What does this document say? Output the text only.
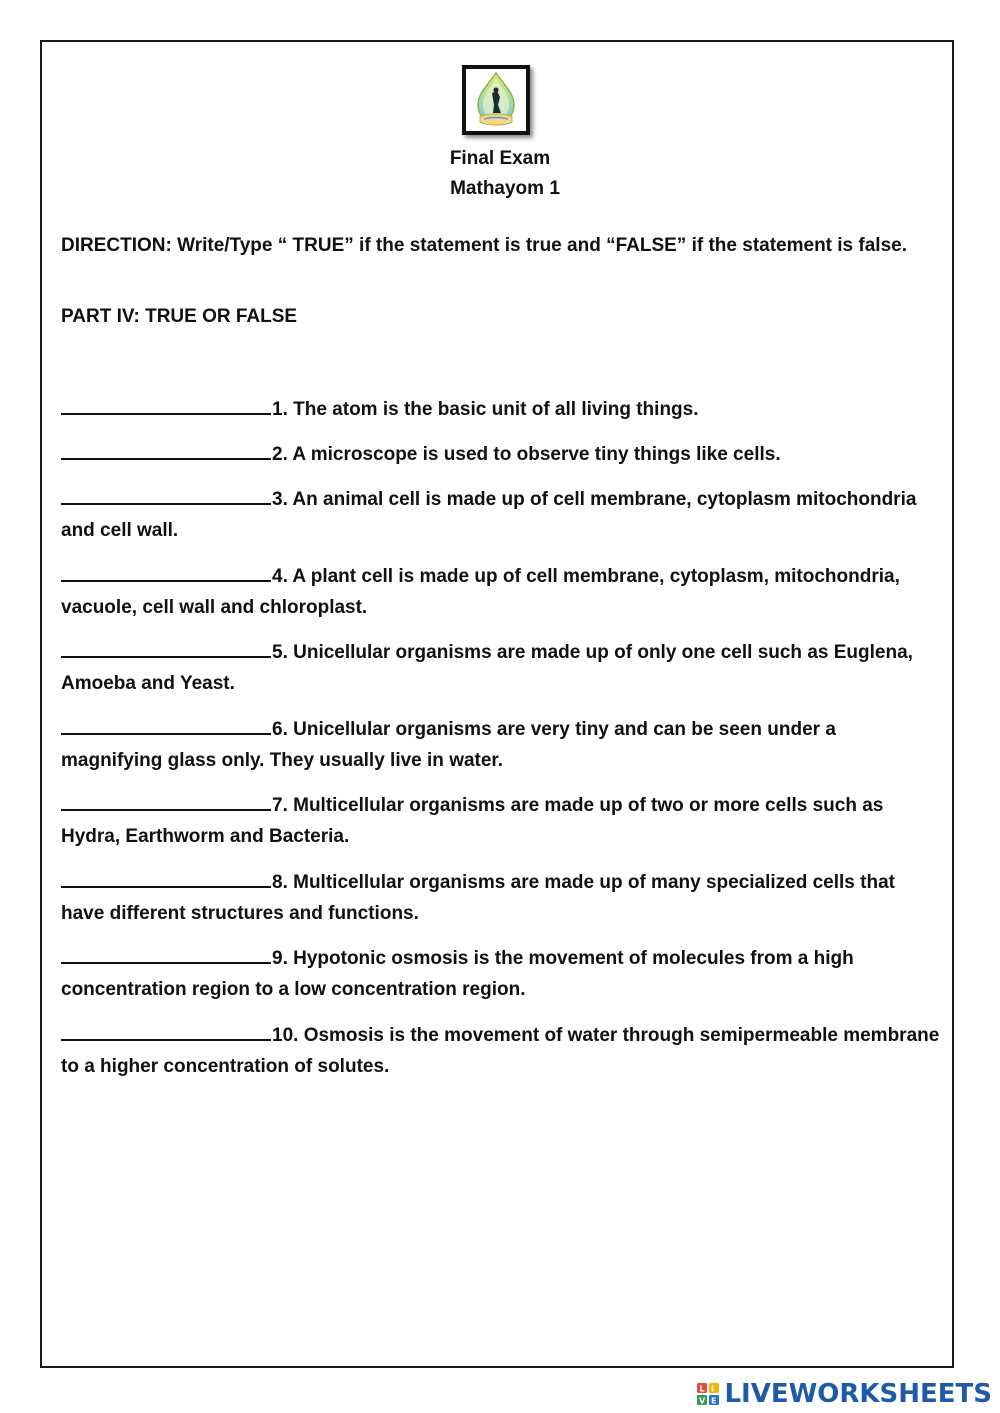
Final Exam
Mathayom 1
DIRECTION: Write/Type “ TRUE” if the statement is true and “FALSE” if the statement is false.
PART IV: TRUE OR FALSE
1. The atom is the basic unit of all living things.
2. A microscope is used to observe tiny things like cells.
3. An animal cell is made up of cell membrane, cytoplasm mitochondria and cell wall.
4. A plant cell is made up of cell membrane, cytoplasm, mitochondria, vacuole, cell wall and chloroplast.
5. Unicellular organisms are made up of only one cell such as Euglena, Amoeba and Yeast.
6. Unicellular organisms are very tiny and can be seen under a magnifying glass only. They usually live in water.
7. Multicellular organisms are made up of two or more cells such as Hydra, Earthworm and Bacteria.
8. Multicellular organisms are made up of many specialized cells that have different structures and functions.
9. Hypotonic osmosis is the movement of molecules from a high concentration region to a low concentration region.
10. Osmosis is the movement of water through semipermeable membrane to a higher concentration of solutes.
L I
V E LIVEWORKSHEETS
